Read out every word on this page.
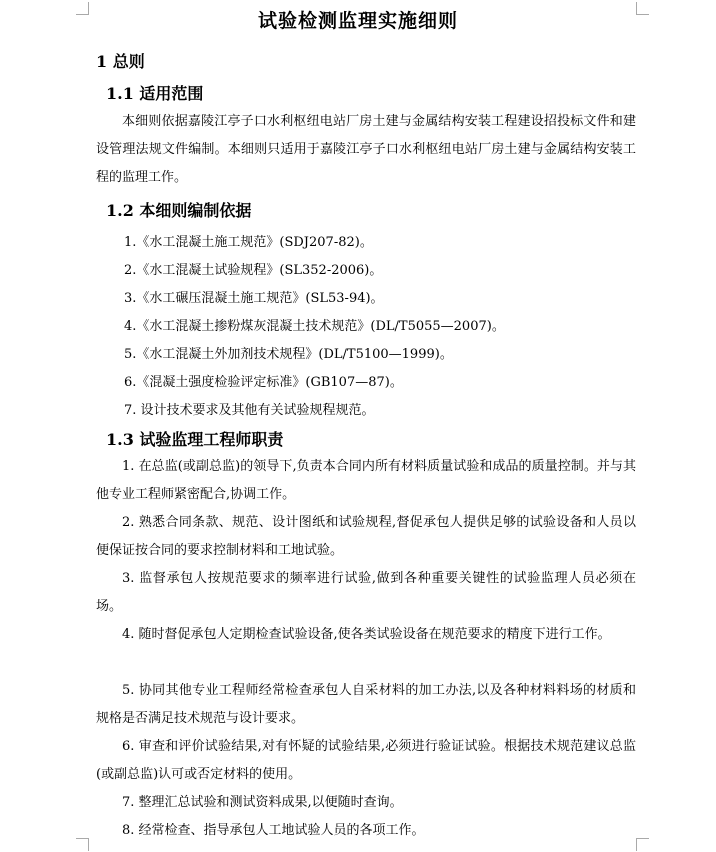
试验检测监理实施细则
1 总则
1.1 适用范围

本细则依据嘉陵江亭子口水利枢纽电站厂房土建与金属结构安装工程建设招投标文件和建设管理法规文件编制。本细则只适用于嘉陵江亭子口水利枢纽电站厂房土建与金属结构安装工程的监理工作。

1.2 本细则编制依据
1.《水工混凝土施工规范》(SDJ207-82)。
2.《水工混凝土试验规程》(SL352-2006)。
3.《水工碾压混凝土施工规范》(SL53-94)。
4.《水工混凝土掺粉煤灰混凝土技术规范》(DL/T5055—2007)。
5.《水工混凝土外加剂技术规程》(DL/T5100—1999)。
6.《混凝土强度检验评定标准》(GB107—87)。
7. 设计技术要求及其他有关试验规程规范。
1.3 试验监理工程师职责

1. 在总监(或副总监)的领导下,负责本合同内所有材料质量试验和成品的质量控制。并与其他专业工程师紧密配合,协调工作。

2. 熟悉合同条款、规范、设计图纸和试验规程,督促承包人提供足够的试验设备和人员以便保证按合同的要求控制材料和工地试验。

3. 监督承包人按规范要求的频率进行试验,做到各种重要关键性的试验监理人员必须在场。

4. 随时督促承包人定期检查试验设备,使各类试验设备在规范要求的精度下进行工作。

5. 协同其他专业工程师经常检查承包人自采材料的加工办法,以及各种材料料场的材质和规格是否满足技术规范与设计要求。

6. 审查和评价试验结果,对有怀疑的试验结果,必须进行验证试验。根据技术规范建议总监(或副总监)认可或否定材料的使用。

7. 整理汇总试验和测试资料成果,以便随时查询。

8. 经常检查、指导承包人工地试验人员的各项工作。
